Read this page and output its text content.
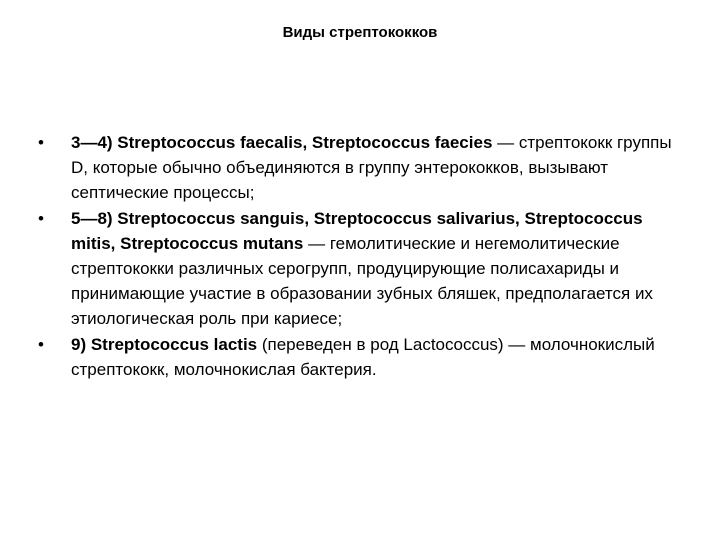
Виды стрептококков
•	3—4) Streptococcus faecalis, Streptococcus faecies — стрептококк группы D, которые обычно объединяются в группу энтерококков, вызывают септические процессы;
•	5—8) Streptococcus sanguis, Streptococcus salivarius, Streptococcus mitis, Streptococcus mutans — гемолитические и негемолитические стрептококки различных серогрупп, продуцирующие полисахариды и принимающие участие в образовании зубных бляшек, предполагается их этиологическая роль при кариесе;
•	9) Streptococcus lactis (переведен в род Lactococcus) — молочнокислый стрептококк, молочнокислая бактерия.
